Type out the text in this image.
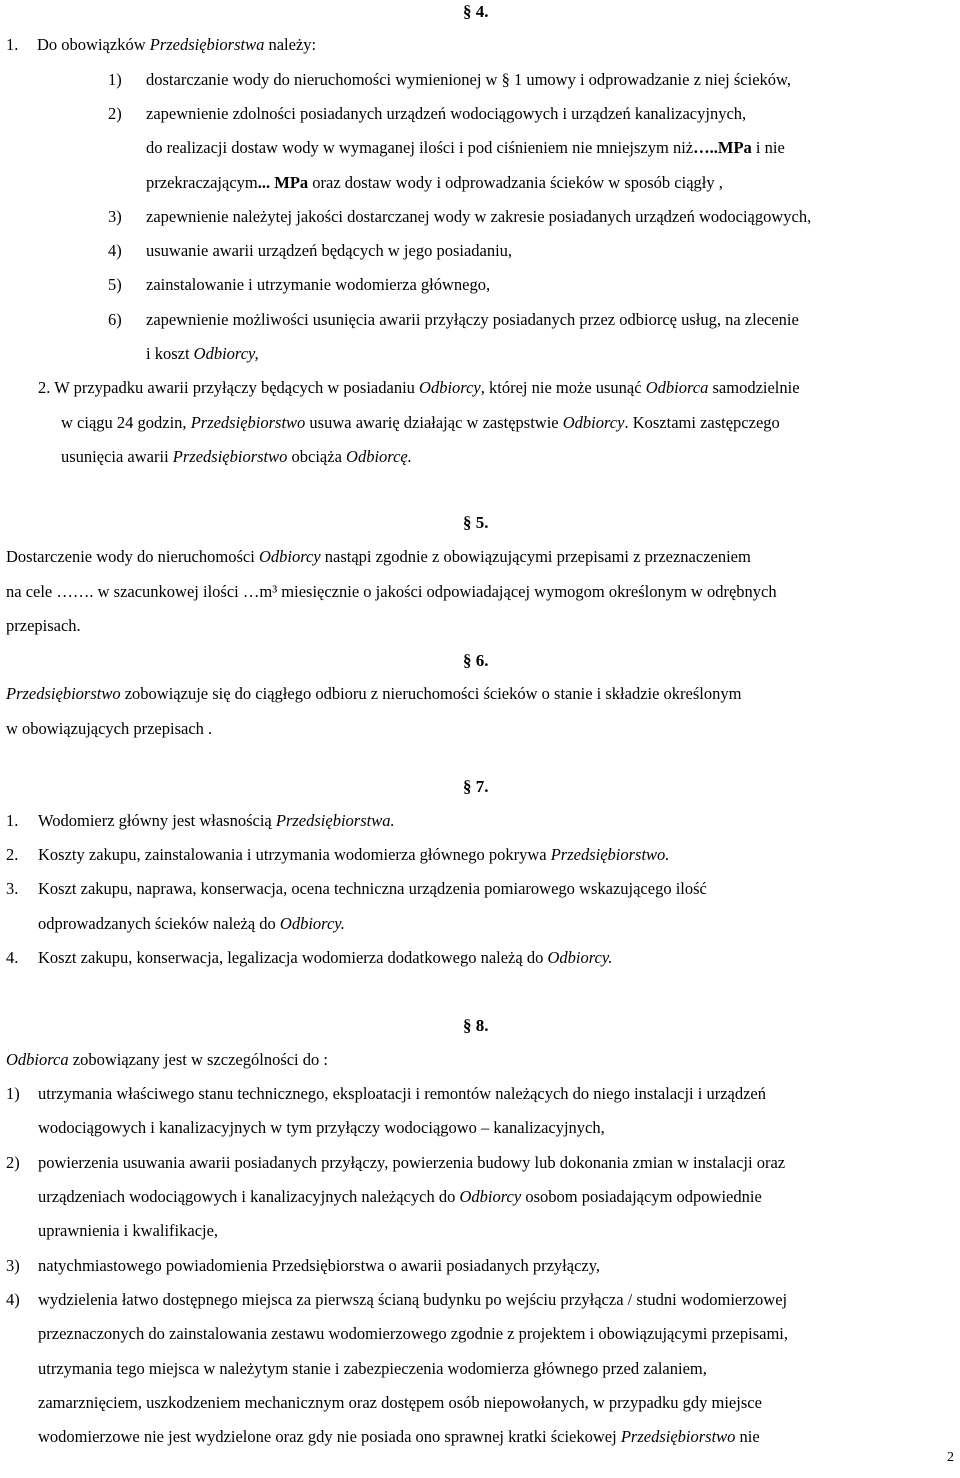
§ 4.
1. Do obowiązków Przedsiębiorstwa należy:
1) dostarczanie wody do nieruchomości wymienionej w § 1 umowy i odprowadzanie z niej ścieków,
2) zapewnienie zdolności posiadanych urządzeń wodociągowych i urządzeń kanalizacyjnych,
do realizacji dostaw wody w wymaganej ilości i pod ciśnieniem nie mniejszym niż…..MPa i nie
przekraczającym... MPa oraz dostaw wody i odprowadzania ścieków w sposób ciągły ,
3) zapewnienie należytej jakości dostarczanej wody w zakresie posiadanych urządzeń wodociągowych,
4) usuwanie awarii urządzeń będących w jego posiadaniu,
5) zainstalowanie i utrzymanie wodomierza głównego,
6) zapewnienie możliwości usunięcia awarii przyłączy posiadanych przez odbiorcę usług, na zlecenie
i koszt Odbiorcy,
2. W przypadku awarii przyłączy będących w posiadaniu Odbiorcy, której nie może usunąć Odbiorca samodzielnie
w ciągu 24 godzin, Przedsiębiorstwo usuwa awarię działając w zastępstwie Odbiorcy. Kosztami zastępczego
usunięcia awarii Przedsiębiorstwo obciąża Odbiorcę.
§ 5.
Dostarczenie wody do nieruchomości Odbiorcy nastąpi zgodnie z obowiązującymi przepisami z przeznaczeniem
na cele ……. w szacunkowej ilości …m³ miesięcznie o jakości odpowiadającej wymogom określonym w odrębnych
przepisach.
§ 6.
Przedsiębiorstwo zobowiązuje się do ciągłego odbioru z nieruchomości ścieków o stanie i składzie określonym
w obowiązujących przepisach .
§ 7.
1. Wodomierz główny jest własnością Przedsiębiorstwa.
2. Koszty zakupu, zainstalowania i utrzymania wodomierza głównego pokrywa Przedsiębiorstwo.
3. Koszt zakupu, naprawa, konserwacja, ocena techniczna urządzenia pomiarowego wskazującego ilość
odprowadzanych ścieków należą do Odbiorcy.
4. Koszt zakupu, konserwacja, legalizacja wodomierza dodatkowego należą do Odbiorcy.
§ 8.
Odbiorca zobowiązany jest w szczególności do :
1) utrzymania właściwego stanu technicznego, eksploatacji i remontów należących do niego instalacji i urządzeń
wodociągowych i kanalizacyjnych w tym przyłączy wodociągowo – kanalizacyjnych,
2) powierzenia usuwania awarii posiadanych przyłączy, powierzenia budowy lub dokonania zmian w instalacji oraz
urządzeniach wodociągowych i kanalizacyjnych należących do Odbiorcy osobom posiadającym odpowiednie
uprawnienia i kwalifikacje,
3) natychmiastowego powiadomienia Przedsiębiorstwa o awarii posiadanych przyłączy,
4) wydzielenia łatwo dostępnego miejsca za pierwszą ścianą budynku po wejściu przyłącza / studni wodomierzowej
przeznaczonych do zainstalowania zestawu wodomierzowego zgodnie z projektem i obowiązującymi przepisami,
utrzymania tego miejsca w należytym stanie i zabezpieczenia wodomierza głównego przed zalaniem,
zamarznięciem, uszkodzeniem mechanicznym oraz dostępem osób niepowołanych, w przypadku gdy miejsce
wodomierzowe nie jest wydzielone oraz gdy nie posiada ono sprawnej kratki ściekowej Przedsiębiorstwo nie
2
